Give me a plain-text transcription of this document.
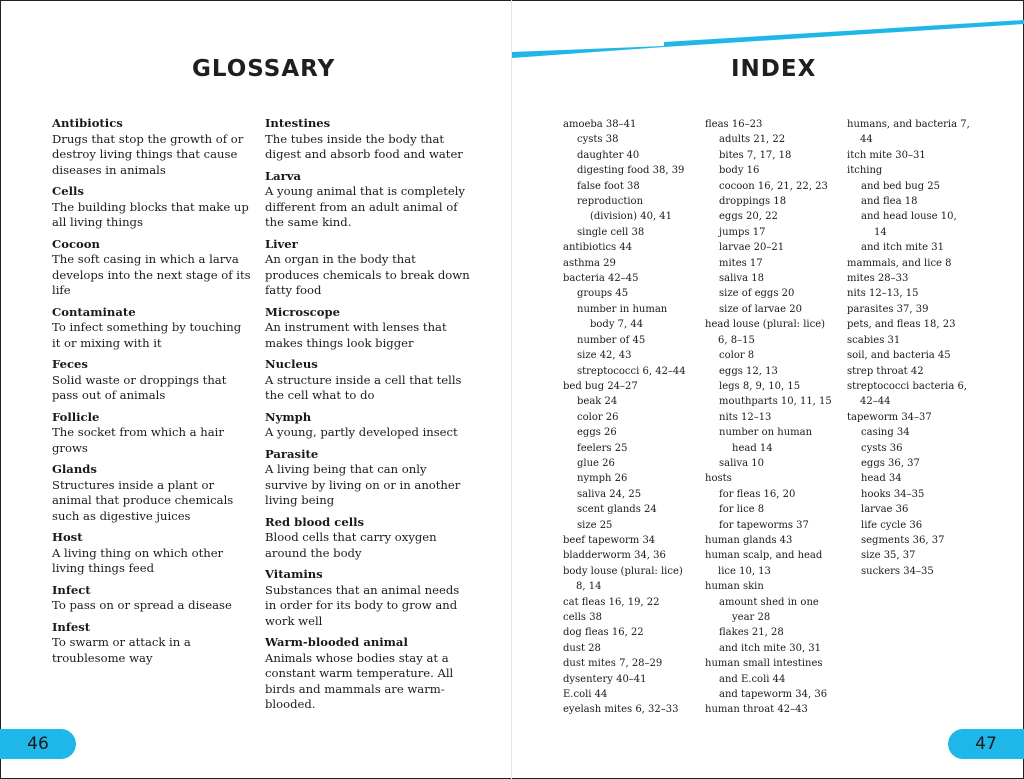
GLOSSARY	INDEX
Antibiotics
Drugs that stop the growth of or destroy living things that cause diseases in animals
Cells
The building blocks that make up all living things
Cocoon
The soft casing in which a larva develops into the next stage of its life
Contaminate
To infect something by touching it or mixing with it
Feces
Solid waste or droppings that pass out of animals
Follicle
The socket from which a hair grows
Glands
Structures inside a plant or animal that produce chemicals such as digestive juices
Host
A living thing on which other living things feed
Infect
To pass on or spread a disease
Infest
To swarm or attack in a troublesome way
Intestines
The tubes inside the body that digest and absorb food and water
Larva
A young animal that is completely different from an adult animal of the same kind.
Liver
An organ in the body that produces chemicals to break down fatty food
Microscope
An instrument with lenses that makes things look bigger
Nucleus
A structure inside a cell that tells the cell what to do
Nymph
A young, partly developed insect
Parasite
A living being that can only survive by living on or in another living being
Red blood cells
Blood cells that carry oxygen around the body
Vitamins
Substances that an animal needs in order for its body to grow and work well
Warm-blooded animal
Animals whose bodies stay at a constant warm temperature. All birds and mammals are warm-blooded.
amoeba 38–41
cysts 38
daughter 40
digesting food 38, 39
false foot 38
reproduction (division) 40, 41
single cell 38
antibiotics 44
asthma 29
bacteria 42–45
groups 45
number in human body 7, 44
number of 45
size 42, 43
streptococci 6, 42–44
bed bug 24–27
beak 24
color 26
eggs 26
feelers 25
glue 26
nymph 26
saliva 24, 25
scent glands 24
size 25
beef tapeworm 34
bladderworm 34, 36
body louse (plural: lice) 8, 14
cat fleas 16, 19, 22
cells 38
dog fleas 16, 22
dust 28
dust mites 7, 28–29
dysentery 40–41
E.coli 44
eyelash mites 6, 32–33
fleas 16–23
adults 21, 22
bites 7, 17, 18
body 16
cocoon 16, 21, 22, 23
droppings 18
eggs 20, 22
jumps 17
larvae 20–21
mites 17
saliva 18
size of eggs 20
size of larvae 20
head louse (plural: lice) 6, 8–15
color 8
eggs 12, 13
legs 8, 9, 10, 15
mouthparts 10, 11, 15
nits 12–13
number on human head 14
saliva 10
hosts
for fleas 16, 20
for lice 8
for tapeworms 37
human glands 43
human scalp, and head lice 10, 13
human skin
amount shed in one year 28
flakes 21, 28
and itch mite 30, 31
human small intestines
and E.coli 44
and tapeworm 34, 36
human throat 42–43
humans, and bacteria 7, 44
itch mite 30–31
itching
and bed bug 25
and flea 18
and head louse 10, 14
and itch mite 31
mammals, and lice 8
mites 28–33
nits 12–13, 15
parasites 37, 39
pets, and fleas 18, 23
scabies 31
soil, and bacteria 45
strep throat 42
streptococci bacteria 6, 42–44
tapeworm 34–37
casing 34
cysts 36
eggs 36, 37
head 34
hooks 34–35
larvae 36
life cycle 36
segments 36, 37
size 35, 37
suckers 34–35
46	47
